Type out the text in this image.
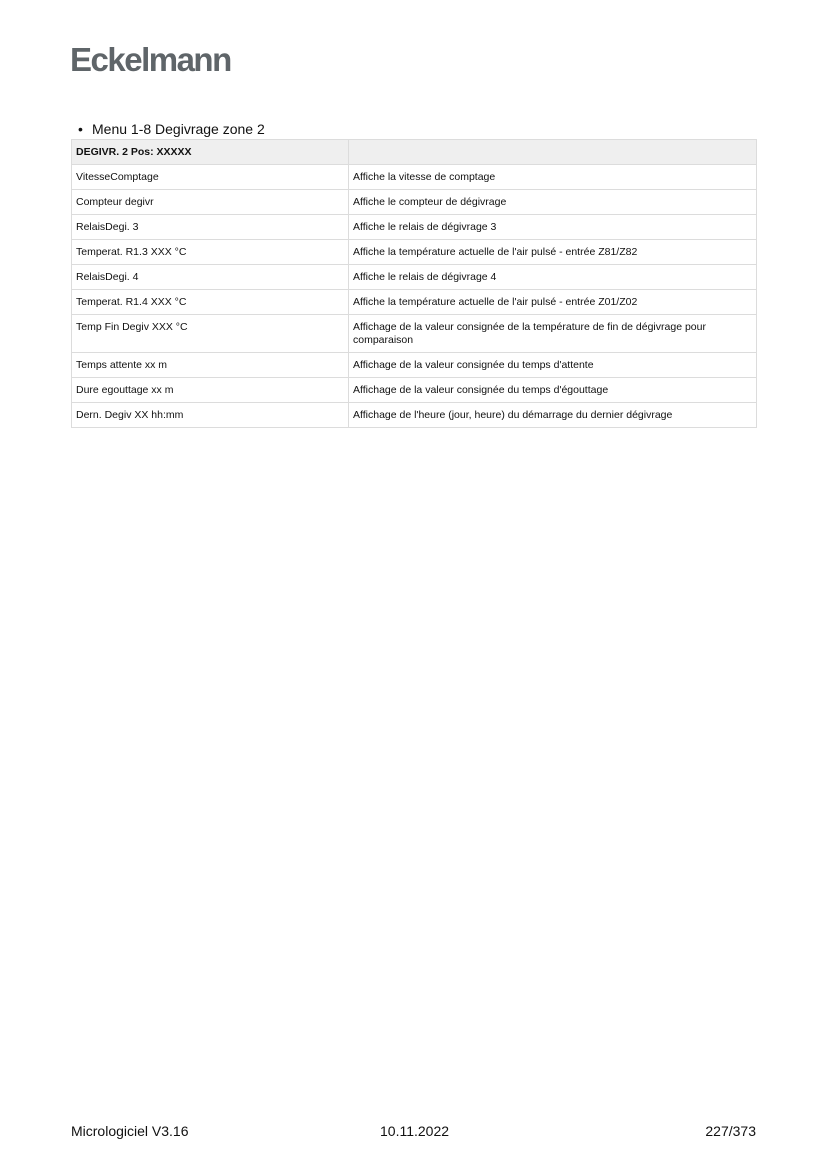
Eckelmann
• Menu 1-8 Degivrage zone 2
DEGIVR. 2 Pos: XXXXX	
VitesseComptage	Affiche la vitesse de comptage
Compteur degivr	Affiche le compteur de dégivrage
RelaisDegi. 3	Affiche le relais de dégivrage 3
Temperat. R1.3 XXX °C	Affiche la température actuelle de l'air pulsé - entrée Z81/Z82
RelaisDegi. 4	Affiche le relais de dégivrage 4
Temperat. R1.4 XXX °C	Affiche la température actuelle de l'air pulsé - entrée Z01/Z02
Temp Fin Degiv XXX °C	Affichage de la valeur consignée de la température de fin de dégivrage pour comparaison
Temps attente xx m	Affichage de la valeur consignée du temps d'attente
Dure egouttage xx m	Affichage de la valeur consignée du temps d'égouttage
Dern. Degiv XX hh:mm	Affichage de l'heure (jour, heure) du démarrage du dernier dégivrage
Micrologiciel V3.16	10.11.2022	227/373
